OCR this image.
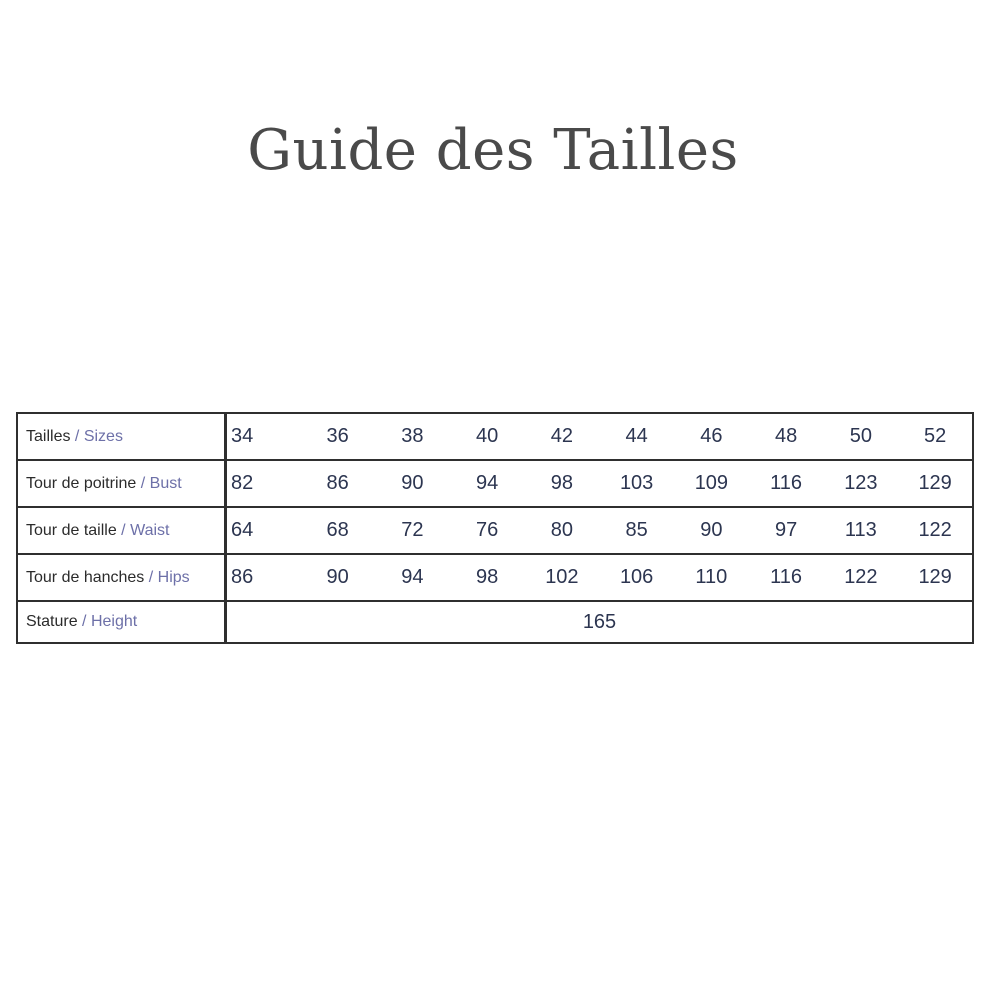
Guide des Tailles
Tailles / Sizes	34	36	38	40	42	44	46	48	50	52
Tour de poitrine / Bust	82	86	90	94	98	103	109	116	123	129
Tour de taille / Waist	64	68	72	76	80	85	90	97	113	122
Tour de hanches / Hips	86	90	94	98	102	106	110	116	122	129
Stature / Height	165									
